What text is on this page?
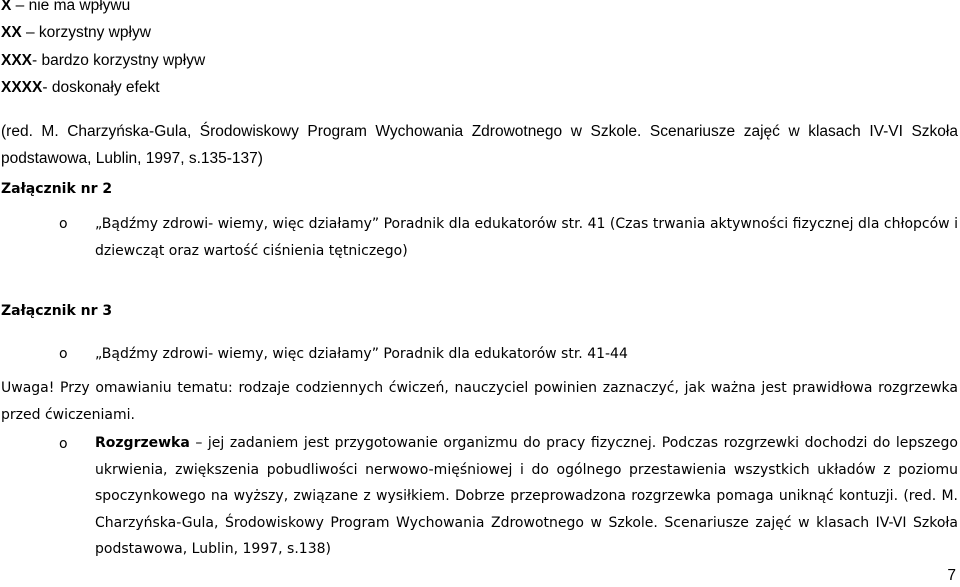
X – nie ma wpływu
XX – korzystny wpływ
XXX- bardzo korzystny wpływ
XXXX- doskonały efekt
(red. M. Charzyńska-Gula, Środowiskowy Program Wychowania Zdrowotnego w Szkole. Scenariusze zajęć w klasach IV-VI Szkoła podstawowa, Lublin, 1997, s.135-137)
Załącznik nr 2
o „Bądźmy zdrowi- wiemy, więc działamy” Poradnik dla edukatorów str. 41 (Czas trwania aktywności fizycznej dla chłopców i dziewcząt oraz wartość ciśnienia tętniczego)
Załącznik nr 3
o „Bądźmy zdrowi- wiemy, więc działamy” Poradnik dla edukatorów str. 41-44
Uwaga! Przy omawianiu tematu: rodzaje codziennych ćwiczeń, nauczyciel powinien zaznaczyć, jak ważna jest prawidłowa rozgrzewka przed ćwiczeniami.
o Rozgrzewka – jej zadaniem jest przygotowanie organizmu do pracy fizycznej. Podczas rozgrzewki dochodzi do lepszego ukrwienia, zwiększenia pobudliwości nerwowo-mięśniowej i do ogólnego przestawienia wszystkich układów z poziomu spoczynkowego na wyższy, związane z wysiłkiem. Dobrze przeprowadzona rozgrzewka pomaga uniknąć kontuzji. (red. M. Charzyńska-Gula, Środowiskowy Program Wychowania Zdrowotnego w Szkole. Scenariusze zajęć w klasach IV-VI Szkoła podstawowa, Lublin, 1997, s.138)
7
